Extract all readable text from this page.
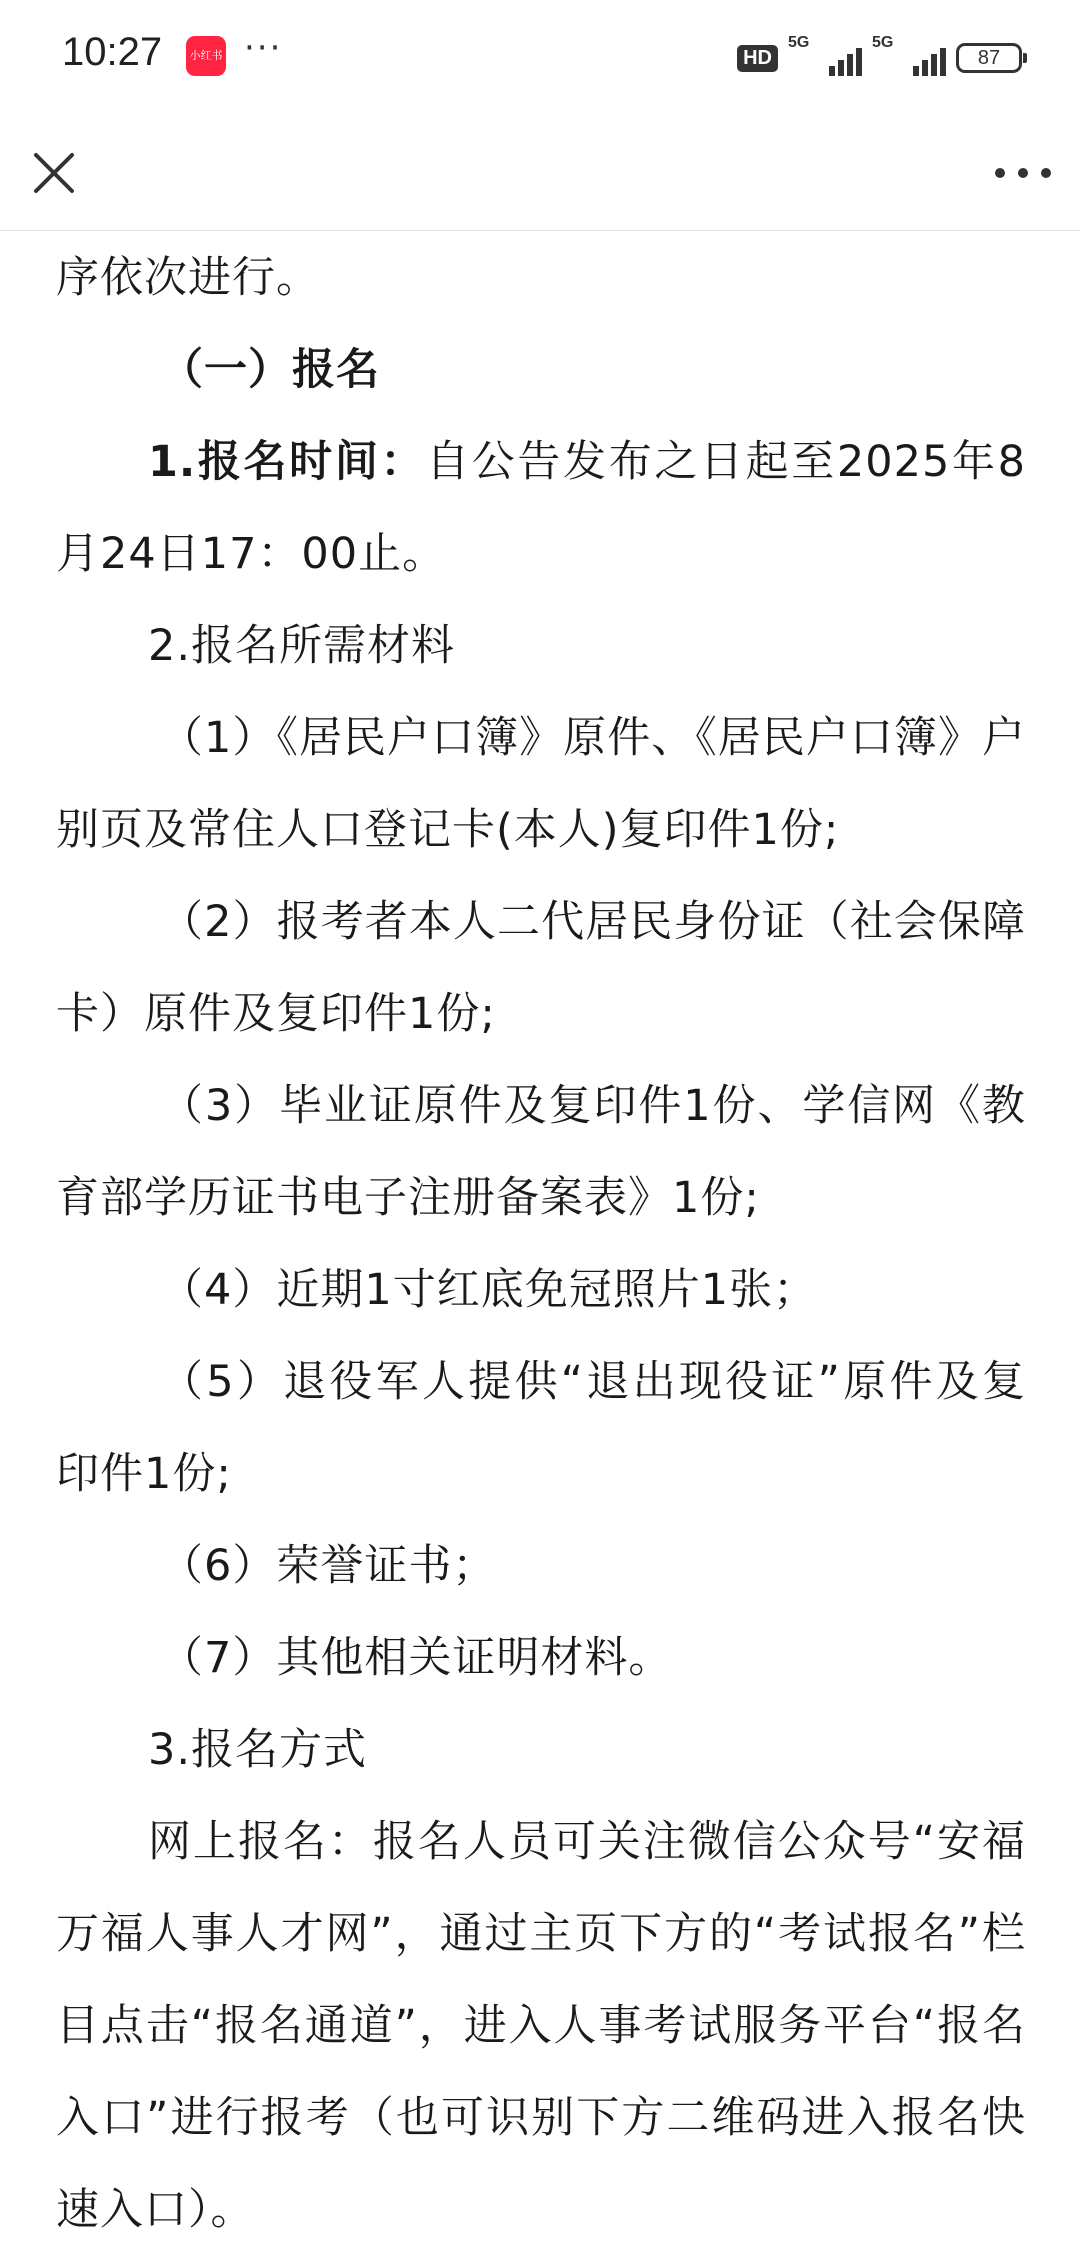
10:27	小红书 ···	HD
5G	5G
87

序依次进行。

（一）报名

1.报名时间：自公告发布之日起至2025年8月24日17：00止。

2.报名所需材料

（1）《居民户口簿》原件、《居民户口簿》户别页及常住人口登记卡(本人)复印件1份;

（2）报考者本人二代居民身份证（社会保障卡）原件及复印件1份;

（3）毕业证原件及复印件1份、学信网《教育部学历证书电子注册备案表》1份;

（4）近期1寸红底免冠照片1张；

（5）退役军人提供“退出现役证”原件及复印件1份;

（6）荣誉证书；

（7）其他相关证明材料。

3.报名方式

网上报名：报名人员可关注微信公众号“安福万福人事人才网”，通过主页下方的“考试报名”栏目点击“报名通道”，进入人事考试服务平台“报名入口”进行报考（也可识别下方二维码进入报名快速入口）。
